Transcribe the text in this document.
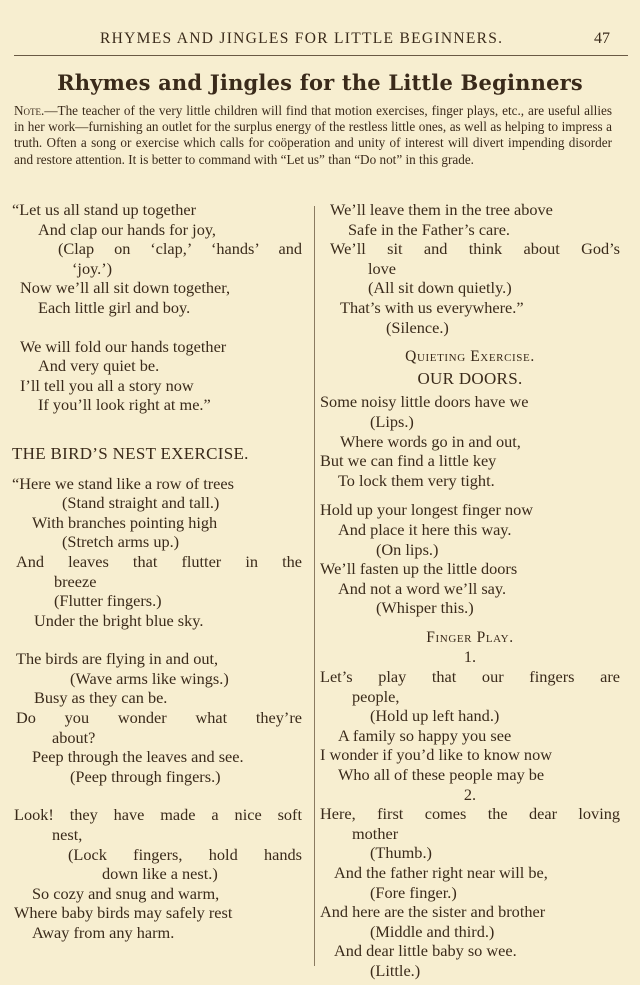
RHYMES AND JINGLES FOR LITTLE BEGINNERS.	47
Rhymes and Jingles for the Little Beginners
Note.—The teacher of the very little children will find that motion exercises, finger plays, etc., are useful allies in her work—furnishing an outlet for the surplus energy of the restless little ones, as well as helping to impress a truth. Often a song or exercise which calls for coöperation and unity of interest will divert impending disorder and restore attention. It is better to command with “Let us” than “Do not” in this grade.
“Let us all stand up together
And clap our hands for joy,
(Clap on ‘clap,’ ‘hands’ and
‘joy.’)
Now we’ll all sit down together,
Each little girl and boy.
We will fold our hands together
And very quiet be.
I’ll tell you all a story now
If you’ll look right at me.”
THE BIRD’S NEST EXERCISE.
“Here we stand like a row of trees
(Stand straight and tall.)
With branches pointing high
(Stretch arms up.)
And leaves that flutter in the
breeze
(Flutter fingers.)
Under the bright blue sky.
The birds are flying in and out,
(Wave arms like wings.)
Busy as they can be.
Do you wonder what they’re
about?
Peep through the leaves and see.
(Peep through fingers.)
Look! they have made a nice soft
nest,
(Lock fingers, hold hands
down like a nest.)
So cozy and snug and warm,
Where baby birds may safely rest
Away from any harm.
We’ll leave them in the tree above
Safe in the Father’s care.
We’ll sit and think about God’s
love
(All sit down quietly.)
That’s with us everywhere.”
(Silence.)
Quieting Exercise.
OUR DOORS.
Some noisy little doors have we
(Lips.)
Where words go in and out,
But we can find a little key
To lock them very tight.
Hold up your longest finger now
And place it here this way.
(On lips.)
We’ll fasten up the little doors
And not a word we’ll say.
(Whisper this.)
Finger Play.
1.
Let’s play that our fingers are
people,
(Hold up left hand.)
A family so happy you see
I wonder if you’d like to know now
Who all of these people may be
2.
Here, first comes the dear loving
mother
(Thumb.)
And the father right near will be,
(Fore finger.)
And here are the sister and brother
(Middle and third.)
And dear little baby so wee.
(Little.)
